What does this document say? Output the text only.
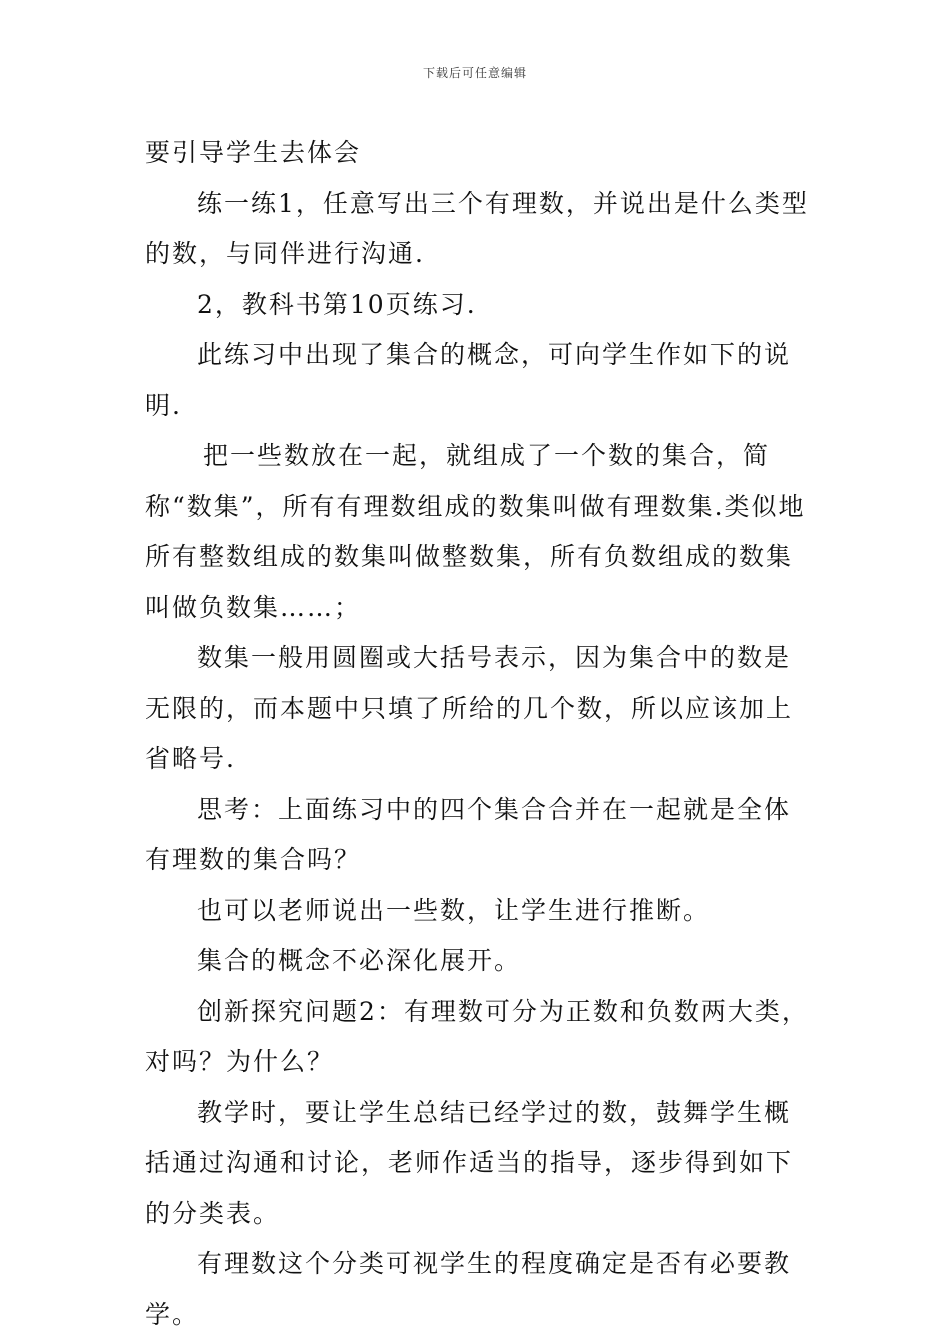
下载后可任意编辑

要引导学生去体会

练一练1，任意写出三个有理数，并说出是什么类型的数，与同伴进行沟通.

2，教科书第10页练习.

此练习中出现了集合的概念，可向学生作如下的说明.

把一些数放在一起，就组成了一个数的集合，简称“数集”，所有有理数组成的数集叫做有理数集.类似地所有整数组成的数集叫做整数集，所有负数组成的数集叫做负数集……；

数集一般用圆圈或大括号表示，因为集合中的数是无限的，而本题中只填了所给的几个数，所以应该加上省略号.

思考：上面练习中的四个集合合并在一起就是全体有理数的集合吗？

也可以老师说出一些数，让学生进行推断。

集合的概念不必深化展开。

创新探究问题2：有理数可分为正数和负数两大类，对吗？为什么？

教学时，要让学生总结已经学过的数，鼓舞学生概括通过沟通和讨论，老师作适当的指导，逐步得到如下的分类表。

有理数这个分类可视学生的程度确定是否有必要教学。
